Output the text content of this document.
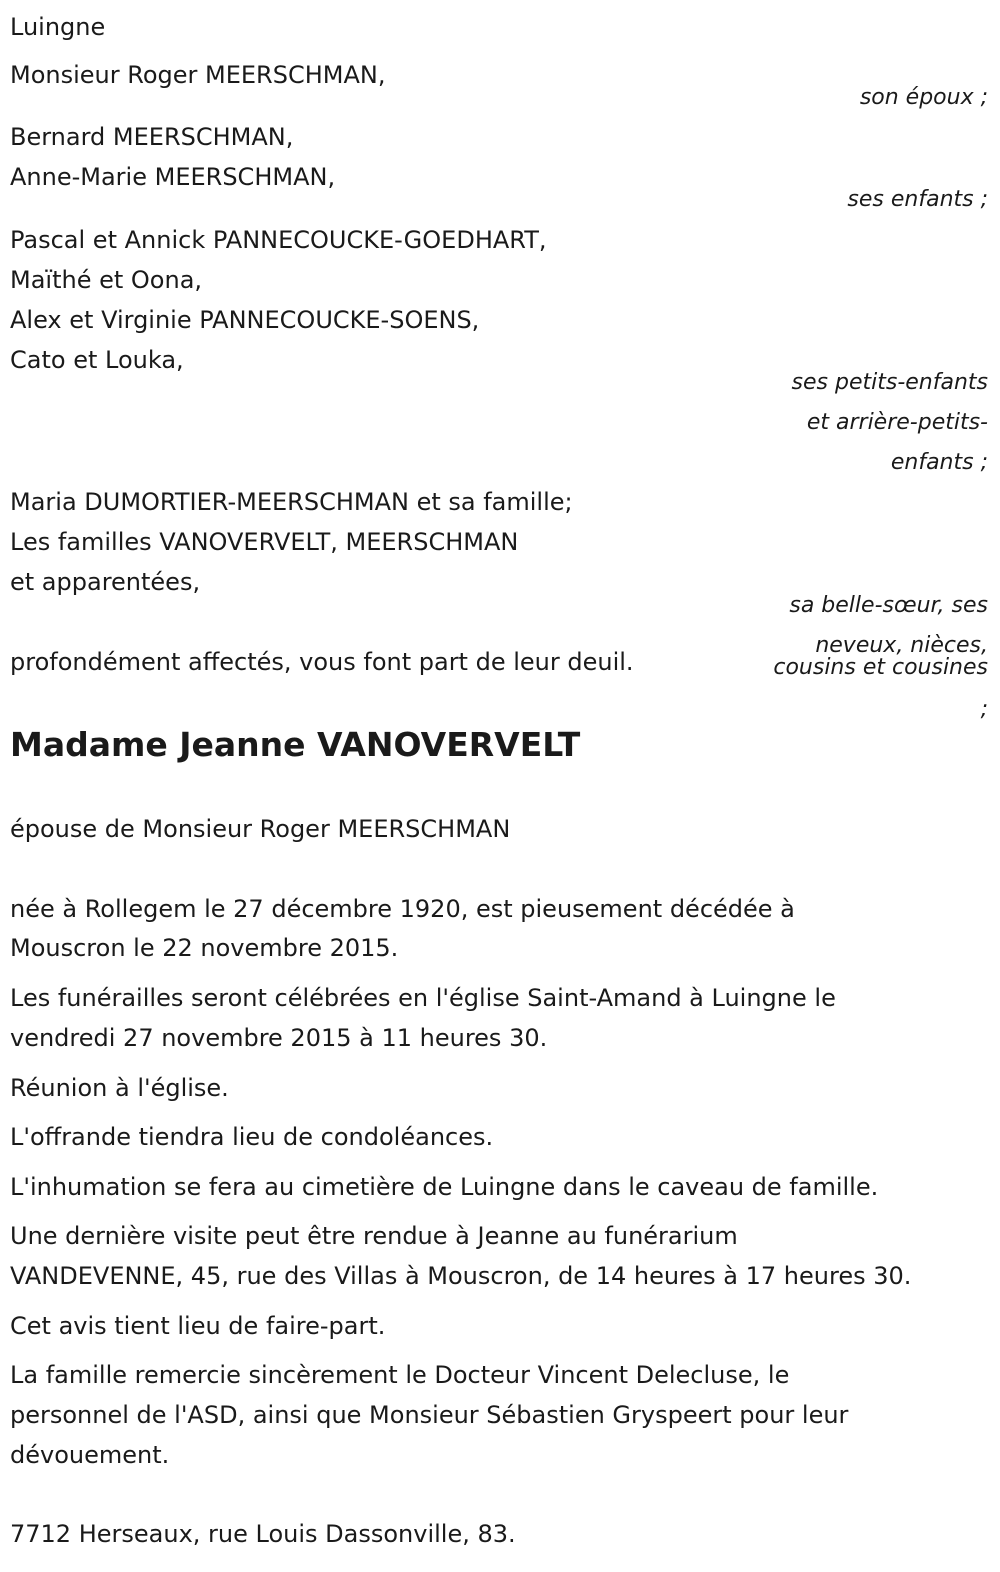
Luingne
Monsieur Roger MEERSCHMAN,
son époux ;
Bernard MEERSCHMAN,
Anne-Marie MEERSCHMAN,
ses enfants ;
Pascal et Annick PANNECOUCKE-GOEDHART,
Maïthé et Oona,
Alex et Virginie PANNECOUCKE-SOENS,
Cato et Louka,
ses petits-enfants
et arrière-petits-
enfants ;
Maria DUMORTIER-MEERSCHMAN et sa famille;
Les familles VANOVERVELT, MEERSCHMAN
et apparentées,
sa belle-sœur, ses
neveux, nièces,
cousins et cousines
;
profondément affectés, vous font part de leur deuil.
Madame Jeanne VANOVERVELT
épouse de Monsieur Roger MEERSCHMAN
née à Rollegem le 27 décembre 1920, est pieusement décédée à
Mouscron le 22 novembre 2015.
Les funérailles seront célébrées en l'église Saint-Amand à Luingne le
vendredi 27 novembre 2015 à 11 heures 30.
Réunion à l'église.
L'offrande tiendra lieu de condoléances.
L'inhumation se fera au cimetière de Luingne dans le caveau de famille.
Une dernière visite peut être rendue à Jeanne au funérarium
VANDEVENNE, 45, rue des Villas à Mouscron, de 14 heures à 17 heures 30.
Cet avis tient lieu de faire-part.
La famille remercie sincèrement le Docteur Vincent Delecluse, le
personnel de l'ASD, ainsi que Monsieur Sébastien Gryspeert pour leur
dévouement.
7712 Herseaux, rue Louis Dassonville, 83.
